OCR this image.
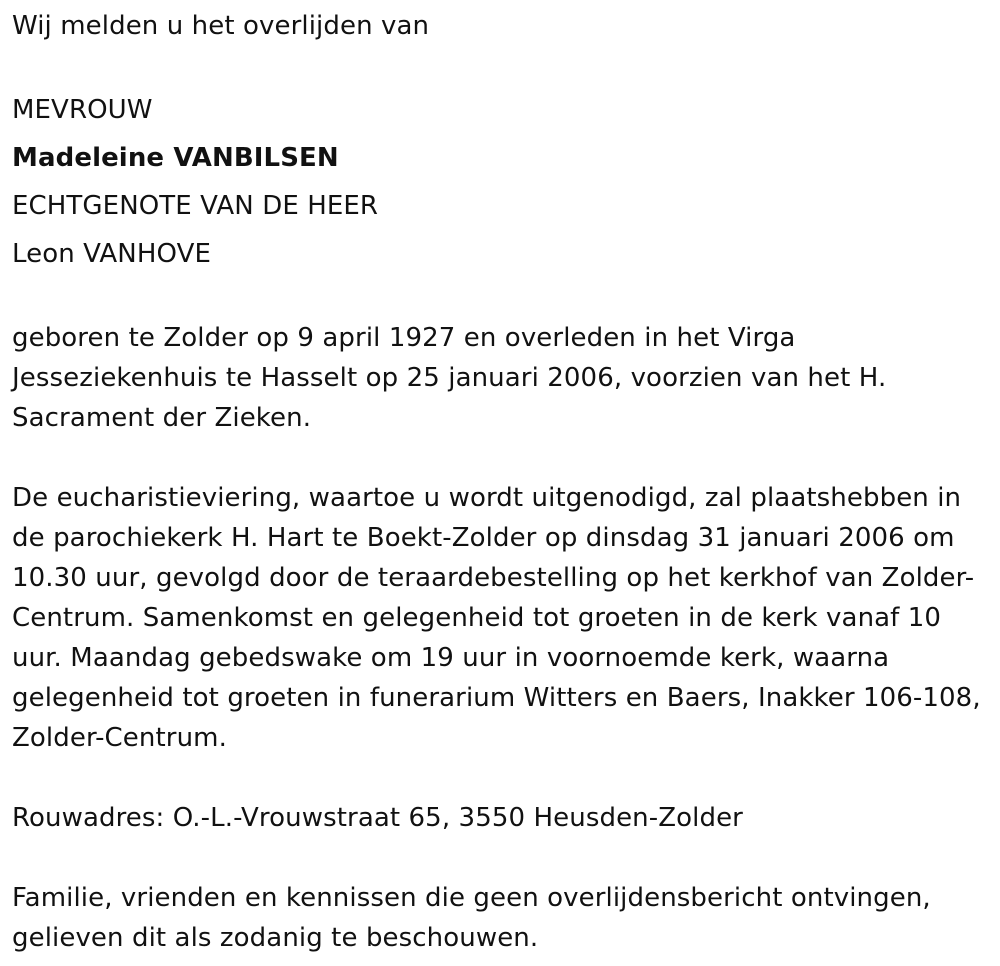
Wij melden u het overlijden van
MEVROUW
Madeleine VANBILSEN
ECHTGENOTE VAN DE HEER
Leon VANHOVE
geboren te Zolder op 9 april 1927 en overleden in het Virga
Jesseziekenhuis te Hasselt op 25 januari 2006, voorzien van het H.
Sacrament der Zieken.
De eucharistieviering, waartoe u wordt uitgenodigd, zal plaatshebben in
de parochiekerk H. Hart te Boekt-Zolder op dinsdag 31 januari 2006 om
10.30 uur, gevolgd door de teraardebestelling op het kerkhof van Zolder-
Centrum. Samenkomst en gelegenheid tot groeten in de kerk vanaf 10
uur. Maandag gebedswake om 19 uur in voornoemde kerk, waarna
gelegenheid tot groeten in funerarium Witters en Baers, Inakker 106-108,
Zolder-Centrum.
Rouwadres: O.-L.-Vrouwstraat 65, 3550 Heusden-Zolder
Familie, vrienden en kennissen die geen overlijdensbericht ontvingen,
gelieven dit als zodanig te beschouwen.
